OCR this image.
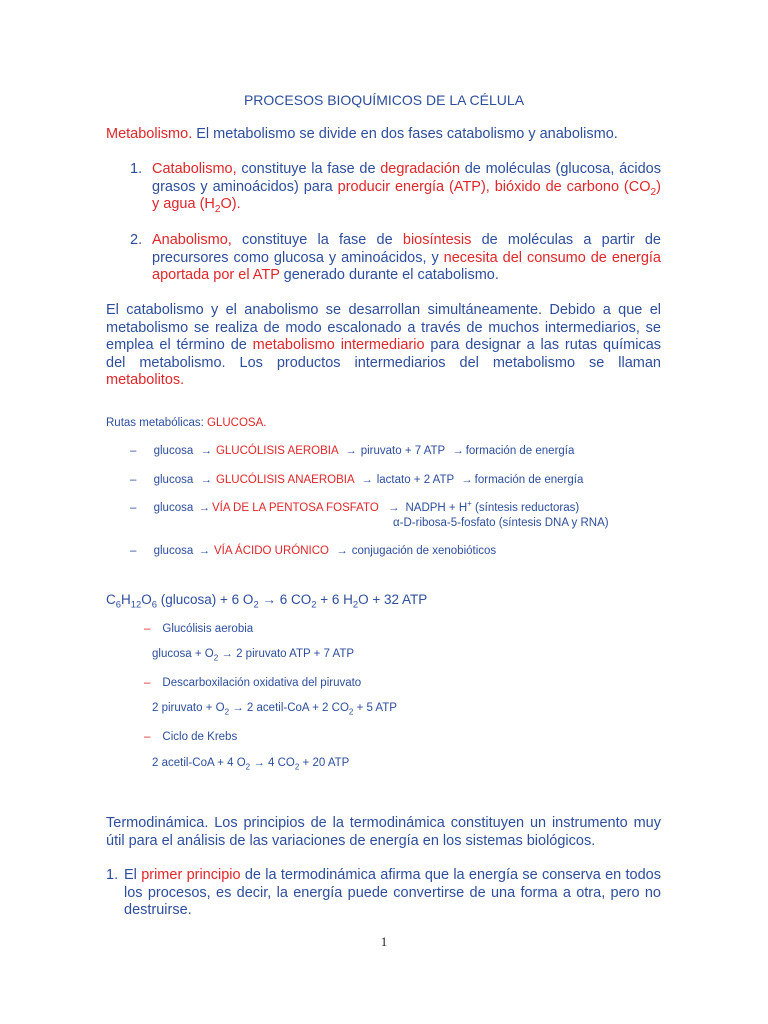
PROCESOS BIOQUÍMICOS DE LA CÉLULA
Metabolismo. El metabolismo se divide en dos fases catabolismo y anabolismo.
1. Catabolismo, constituye la fase de degradación de moléculas (glucosa, ácidos grasos y aminoácidos) para producir energía (ATP), bióxido de carbono $(CO_2)$ y agua $(H_2O)$.
2. Anabolismo, constituye la fase de biosíntesis de moléculas a partir de precursores como glucosa y aminoácidos, y necesita del consumo de energía aportada por el ATP generado durante el catabolismo.
El catabolismo y el anabolismo se desarrollan simultáneamente. Debido a que el metabolismo se realiza de modo escalonado a través de muchos intermediarios, se emplea el término de metabolismo intermediario para designar a las rutas químicas del metabolismo. Los productos intermediarios del metabolismo se llaman metabolitos.
Rutas metabólicas: GLUCOSA.
– glucosa → GLUCÓLISIS AEROBIA → piruvato + 7 ATP → formación de energía
– glucosa → GLUCÓLISIS ANAEROBIA → lactato + 2 ATP → formación de energía
– glucosa → VÍA DE LA PENTOSA FOSFATO → NADPH + H+ (síntesis reductoras)
α-D-ribosa-5-fosfato (síntesis DNA y RNA)
– glucosa → VÍA ÁCIDO URÓNICO → conjugación de xenobióticos
$C_6H_{12}O_6$ (glucosa) + 6 $O_2 \to 6$ $CO_2 + 6$ $H_2O + 32$ ATP
– Glucólisis aerobia
$glucosa + O_2 \to 2$ piruvato ATP + 7 ATP
– Descarboxilación oxidativa del piruvato
2 piruvato + $O_2 \to 2$ acetil-CoA + 2 $CO_2 + 5$ ATP
– Ciclo de Krebs
2 acetil-CoA + 4 $O_2 \to 4$ $CO_2 + 20$ ATP
Termodinámica. Los principios de la termodinámica constituyen un instrumento muy útil para el análisis de las variaciones de energía en los sistemas biológicos.
1. El primer principio de la termodinámica afirma que la energía se conserva en todos los procesos, es decir, la energía puede convertirse de una forma a otra, pero no destruirse.
1
